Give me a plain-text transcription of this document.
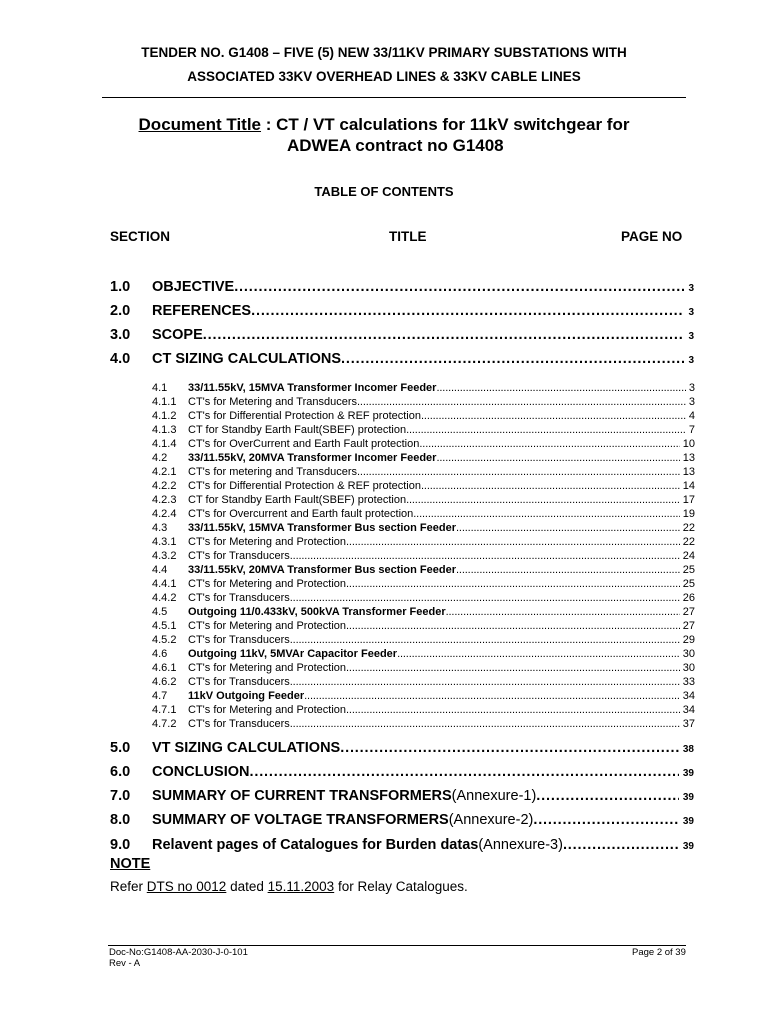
TENDER NO. G1408 – FIVE (5) NEW 33/11KV PRIMARY SUBSTATIONS WITH
ASSOCIATED 33KV OVERHEAD LINES & 33KV CABLE LINES
Document Title : CT / VT calculations for 11kV switchgear for
ADWEA contract no G1408
TABLE OF CONTENTS
SECTION	TITLE	PAGE NO
1.0	OBJECTIVE . . .	3
2.0	REFERENCES . . .	3
3.0	SCOPE . . .	3
4.0	CT SIZING CALCULATIONS . . .	3
4.1	33/11.55kV, 15MVA Transformer Incomer Feeder . . .	3
4.1.1	CT's for Metering and Transducers . . .	3
4.1.2	CT's for Differential Protection & REF protection . . .	4
4.1.3	CT for Standby Earth Fault(SBEF) protection . . .	7
4.1.4	CT's for OverCurrent and Earth Fault protection . . .	10
4.2	33/11.55kV, 20MVA Transformer Incomer Feeder . . .	13
4.2.1	CT's for metering and Transducers . . .	13
4.2.2	CT's for Differential Protection & REF protection . . .	14
4.2.3	CT for Standby Earth Fault(SBEF) protection . . .	17
4.2.4	CT's for Overcurrent and Earth fault protection . . .	19
4.3	33/11.55kV, 15MVA Transformer Bus section Feeder . . .	22
4.3.1	CT's for Metering and Protection . . .	22
4.3.2	CT's for Transducers . . .	24
4.4	33/11.55kV, 20MVA Transformer Bus section Feeder . . .	25
4.4.1	CT's for Metering and Protection . . .	25
4.4.2	CT's for Transducers . . .	26
4.5	Outgoing 11/0.433kV, 500kVA Transformer Feeder . . .	27
4.5.1	CT's for Metering and Protection . . .	27
4.5.2	CT's for Transducers . . .	29
4.6	Outgoing 11kV, 5MVAr Capacitor Feeder . . .	30
4.6.1	CT's for Metering and Protection . . .	30
4.6.2	CT's for Transducers . . .	33
4.7	11kV Outgoing Feeder . . .	34
4.7.1	CT's for Metering and Protection . . .	34
4.7.2	CT's for Transducers . . .	37
5.0	VT SIZING CALCULATIONS . . .	38
6.0	CONCLUSION . . .	39
7.0	SUMMARY OF CURRENT TRANSFORMERS(Annexure-1) . . .	39
8.0	SUMMARY OF VOLTAGE TRANSFORMERS(Annexure-2) . . .	39
9.0	Relavent pages of Catalogues for Burden datas(Annexure-3) . . .	39
NOTE
Refer DTS no 0012 dated 15.11.2003 for Relay Catalogues.
Doc-No:G1408-AA-2030-J-0-101
Rev - A
Page 2 of 39
